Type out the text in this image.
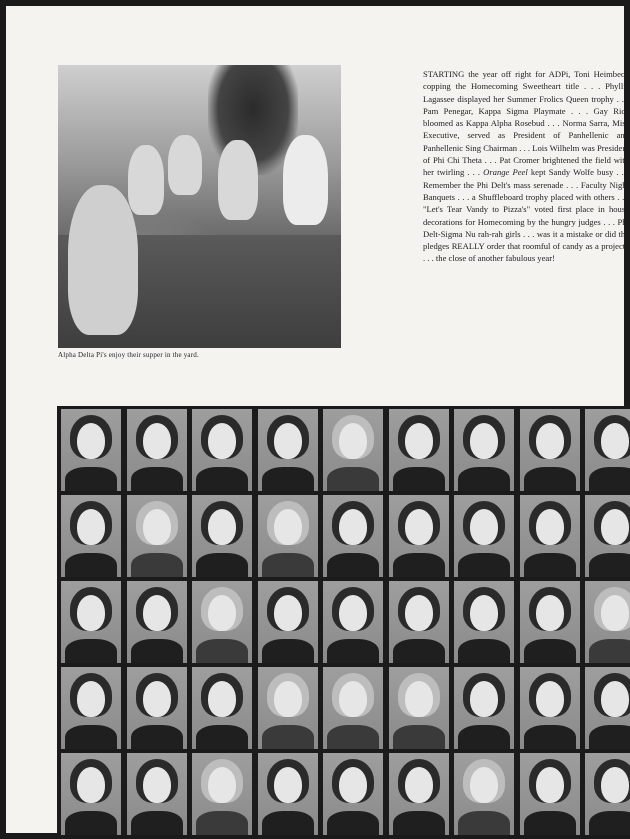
Alpha Delta Pi's enjoy their supper in the yard.
STARTING the year off right for ADPi, Toni Heimbeck copping the Homecoming Sweetheart title . . . Phyllis Lagassee displayed her Summer Frolics Queen trophy . . . Pam Penegar, Kappa Sigma Playmate . . . Gay Rice bloomed as Kappa Alpha Rosebud . . . Norma Sarra, Miss Executive, served as President of Panhellenic and Panhellenic Sing Chairman . . . Lois Wilhelm was President of Phi Chi Theta . . . Pat Cromer brightened the field with her twirling . . . Orange Peel kept Sandy Wolfe busy . . . Remember the Phi Delt's mass serenade . . . Faculty Night Banquets . . . a Shuffleboard trophy placed with others . . . "Let's Tear Vandy to Pizza's" voted first place in house decorations for Homecoming by the hungry judges . . . Phi Delt-Sigma Nu rah-rah girls . . . was it a mistake or did the pledges REALLY order that roomful of candy as a project? . . . the close of another fabulous year!
